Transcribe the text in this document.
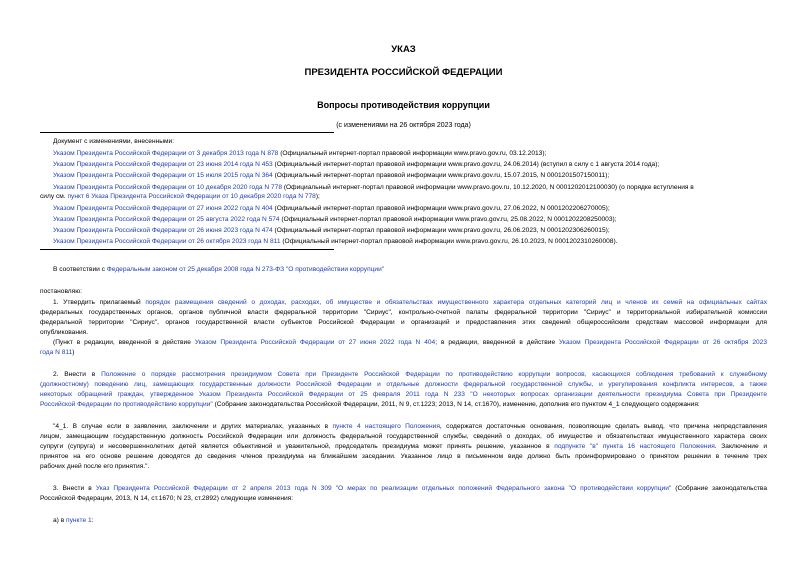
УКАЗ
ПРЕЗИДЕНТА РОССИЙСКОЙ ФЕДЕРАЦИИ
Вопросы противодействия коррупции
(с изменениями на 26 октября 2023 года)
Документ с изменениями, внесенными:
Указом Президента Российской Федерации от 3 декабря 2013 года N 878 (Официальный интернет-портал правовой информации www.pravo.gov.ru, 03.12.2013);
Указом Президента Российской Федерации от 23 июня 2014 года N 453 (Официальный интернет-портал правовой информации www.pravo.gov.ru, 24.06.2014) (вступил в силу с 1 августа 2014 года);
Указом Президента Российской Федерации от 15 июля 2015 года N 364 (Официальный интернет-портал правовой информации www.pravo.gov.ru, 15.07.2015, N 0001201507150011);
Указом Президента Российской Федерации от 10 декабря 2020 года N 778 (Официальный интернет-портал правовой информации www.pravo.gov.ru, 10.12.2020, N 0001202012100030) (о порядке вступления в
силу см. пункт 6 Указа Президента Российской Федерации от 10 декабря 2020 года N 778);
Указом Президента Российской Федерации от 27 июня 2022 года N 404 (Официальный интернет-портал правовой информации www.pravo.gov.ru, 27.06.2022, N 0001202206270005);
Указом Президента Российской Федерации от 25 августа 2022 года N 574 (Официальный интернет-портал правовой информации www.pravo.gov.ru, 25.08.2022, N 0001202208250003);
Указом Президента Российской Федерации от 26 июня 2023 года N 474 (Официальный интернет-портал правовой информации www.pravo.gov.ru, 26.06.2023, N 0001202306260015);
Указом Президента Российской Федерации от 26 октября 2023 года N 811 (Официальный интернет-портал правовой информации www.pravo.gov.ru, 26.10.2023, N 0001202310260008).
В соответствии с Федеральным законом от 25 декабря 2008 года N 273-ФЗ "О противодействии коррупции"
постановляю:
1. Утвердить прилагаемый порядок размещения сведений о доходах, расходах, об имуществе и обязательствах имущественного характера отдельных категорий лиц и членов их семей на официальных сайтах
федеральных государственных органов, органов публичной власти федеральной территории "Сириус", контрольно-счетной палаты федеральной территории "Сириус" и территориальной избирательной комиссии
федеральной территории "Сириус", органов государственной власти субъектов Российской Федерации и организаций и предоставления этих сведений общероссийским средствам массовой информации для
опубликования.
(Пункт в редакции, введенной в действие Указом Президента Российской Федерации от 27 июня 2022 года N 404; в редакции, введенной в действие Указом Президента Российской Федерации от 26 октября 2023
года N 811)
2. Внести в Положение о порядке рассмотрения президиумом Совета при Президенте Российской Федерации по противодействию коррупции вопросов, касающихся соблюдения требований к служебному
(должностному) поведению лиц, замещающих государственные должности Российской Федерации и отдельные должности федеральной государственной службы, и урегулирования конфликта интересов, а также
некоторых обращений граждан, утвержденное Указом Президента Российской Федерации от 25 февраля 2011 года N 233 "О некоторых вопросах организации деятельности президиума Совета при Президенте
Российской Федерации по противодействию коррупции" (Собрание законодательства Российской Федерации, 2011, N 9, ст.1223; 2013, N 14, ст.1670), изменение, дополнив его пунктом 4_1 следующего содержания:
"4_1. В случае если в заявлении, заключении и других материалах, указанных в пункте 4 настоящего Положения, содержатся достаточные основания, позволяющие сделать вывод, что причина непредставления
лицом, замещающим государственную должность Российской Федерации или должность федеральной государственной службы, сведений о доходах, об имуществе и обязательствах имущественного характера своих
супруги (супруга) и несовершеннолетних детей является объективной и уважительной, председатель президиума может принять решение, указанное в подпункте "в" пункта 16 настоящего Положения. Заключение и
принятое на его основе решение доводятся до сведения членов президиума на ближайшем заседании. Указанное лицо в письменном виде должно быть проинформировано о принятом решении в течение трех
рабочих дней после его принятия.".
3. Внести в Указ Президента Российской Федерации от 2 апреля 2013 года N 309 "О мерах по реализации отдельных положений Федерального закона "О противодействии коррупции" (Собрание законодательства
Российской Федерации, 2013, N 14, ст.1670; N 23, ст.2892) следующие изменения:
а) в пункте 1:
